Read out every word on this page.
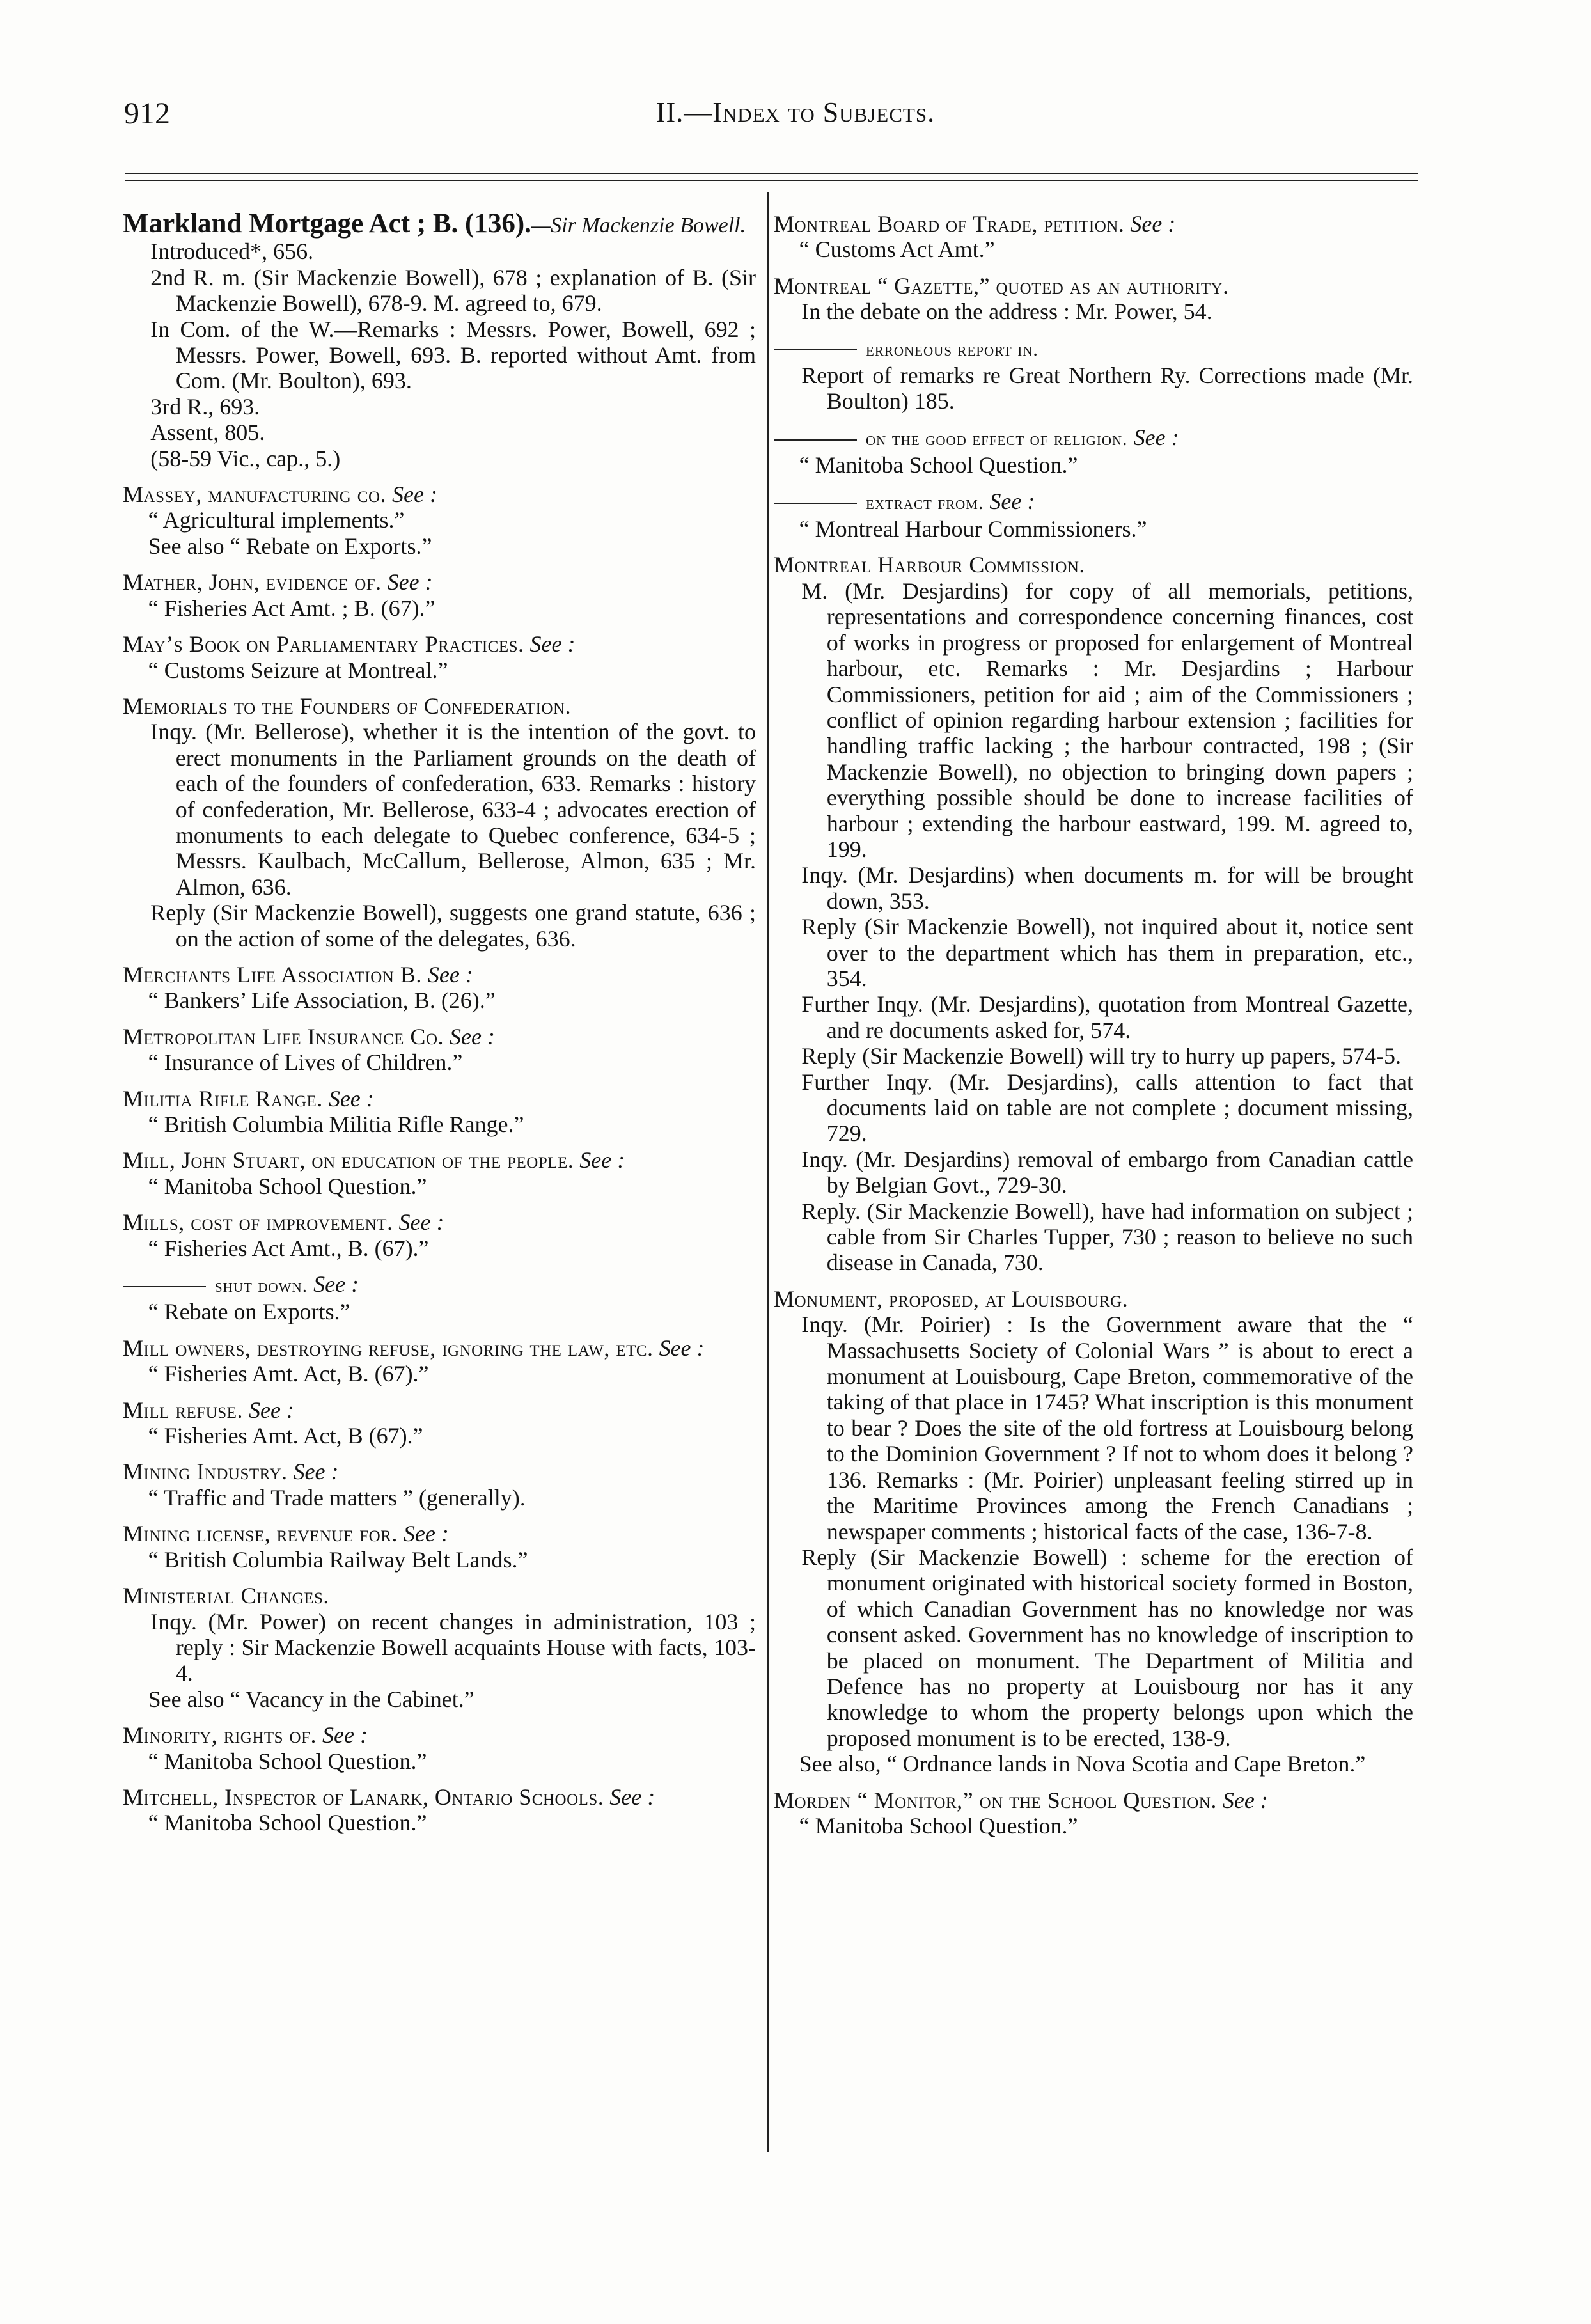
912	II.—Index to Subjects.

Markland Mortgage Act ; B. (136).—Sir Mackenzie Bowell.

Introduced*, 656.

2nd R. m. (Sir Mackenzie Bowell), 678 ; explanation of B. (Sir Mackenzie Bowell), 678-9. M. agreed to, 679.

In Com. of the W.—Remarks : Messrs. Power, Bowell, 692 ; Messrs. Power, Bowell, 693. B. reported without Amt. from Com. (Mr. Boulton), 693.

3rd R., 693.

Assent, 805.

(58-59 Vic., cap., 5.)

Massey, manufacturing co. See :

“ Agricultural implements.”

See also “ Rebate on Exports.”

Mather, John, evidence of. See :

“ Fisheries Act Amt. ; B. (67).”

May’s Book on Parliamentary Practices. See :

“ Customs Seizure at Montreal.”

Memorials to the Founders of Confederation.

Inqy. (Mr. Bellerose), whether it is the intention of the govt. to erect monuments in the Parliament grounds on the death of each of the founders of confederation, 633. Remarks : history of confederation, Mr. Bellerose, 633-4 ; advocates erection of monuments to each delegate to Quebec conference, 634-5 ; Messrs. Kaulbach, McCallum, Bellerose, Almon, 635 ; Mr. Almon, 636.

Reply (Sir Mackenzie Bowell), suggests one grand statute, 636 ; on the action of some of the delegates, 636.

Merchants Life Association B. See :

“ Bankers’ Life Association, B. (26).”

Metropolitan Life Insurance Co. See :

“ Insurance of Lives of Children.”

Militia Rifle Range. See :

“ British Columbia Militia Rifle Range.”

Mill, John Stuart, on education of the people. See :

“ Manitoba School Question.”

Mills, cost of improvement. See :

“ Fisheries Act Amt., B. (67).”

shut down. See :

“ Rebate on Exports.”

Mill owners, destroying refuse, ignoring the law, etc. See :

“ Fisheries Amt. Act, B. (67).”

Mill refuse. See :

“ Fisheries Amt. Act, B (67).”

Mining Industry. See :

“ Traffic and Trade matters ” (generally).

Mining license, revenue for. See :

“ British Columbia Railway Belt Lands.”

Ministerial Changes.

Inqy. (Mr. Power) on recent changes in administration, 103 ; reply : Sir Mackenzie Bowell acquaints House with facts, 103-4.

See also “ Vacancy in the Cabinet.”

Minority, rights of. See :

“ Manitoba School Question.”

Mitchell, Inspector of Lanark, Ontario Schools. See :

“ Manitoba School Question.”

Montreal Board of Trade, petition. See :

“ Customs Act Amt.”

Montreal “ Gazette,” quoted as an authority.

In the debate on the address : Mr. Power, 54.

erroneous report in.

Report of remarks re Great Northern Ry. Corrections made (Mr. Boulton) 185.

on the good effect of religion. See :

“ Manitoba School Question.”

extract from. See :

“ Montreal Harbour Commissioners.”

Montreal Harbour Commission.

M. (Mr. Desjardins) for copy of all memorials, petitions, representations and correspondence concerning finances, cost of works in progress or proposed for enlargement of Montreal harbour, etc. Remarks : Mr. Desjardins ; Harbour Commissioners, petition for aid ; aim of the Commissioners ; conflict of opinion regarding harbour extension ; facilities for handling traffic lacking ; the harbour contracted, 198 ; (Sir Mackenzie Bowell), no objection to bringing down papers ; everything possible should be done to increase facilities of harbour ; extending the harbour eastward, 199. M. agreed to, 199.

Inqy. (Mr. Desjardins) when documents m. for will be brought down, 353.

Reply (Sir Mackenzie Bowell), not inquired about it, notice sent over to the department which has them in preparation, etc., 354.

Further Inqy. (Mr. Desjardins), quotation from Montreal Gazette, and re documents asked for, 574.

Reply (Sir Mackenzie Bowell) will try to hurry up papers, 574-5.

Further Inqy. (Mr. Desjardins), calls attention to fact that documents laid on table are not complete ; document missing, 729.

Inqy. (Mr. Desjardins) removal of embargo from Canadian cattle by Belgian Govt., 729-30.

Reply. (Sir Mackenzie Bowell), have had information on subject ; cable from Sir Charles Tupper, 730 ; reason to believe no such disease in Canada, 730.

Monument, proposed, at Louisbourg.

Inqy. (Mr. Poirier) : Is the Government aware that the “ Massachusetts Society of Colonial Wars ” is about to erect a monument at Louisbourg, Cape Breton, commemorative of the taking of that place in 1745? What inscription is this monument to bear ? Does the site of the old fortress at Louisbourg belong to the Dominion Government ? If not to whom does it belong ? 136. Remarks : (Mr. Poirier) unpleasant feeling stirred up in the Maritime Provinces among the French Canadians ; newspaper comments ; historical facts of the case, 136-7-8.

Reply (Sir Mackenzie Bowell) : scheme for the erection of monument originated with historical society formed in Boston, of which Canadian Government has no knowledge nor was consent asked. Government has no knowledge of inscription to be placed on monument. The Department of Militia and Defence has no property at Louisbourg nor has it any knowledge to whom the property belongs upon which the proposed monument is to be erected, 138-9.

See also, “ Ordnance lands in Nova Scotia and Cape Breton.”

Morden “ Monitor,” on the School Question. See :

“ Manitoba School Question.”
